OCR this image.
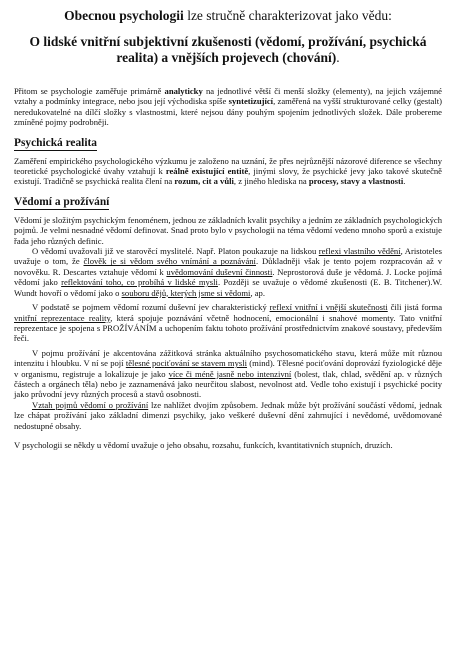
Obecnou psychologii lze stručně charakterizovat jako vědu:

O lidské vnitřní subjektivní zkušenosti (vědomí, prožívání, psychická realita) a vnějších projevech (chování).

Přitom se psychologie zaměřuje primárně analyticky na jednotlivé větší či menší složky (elementy), na jejich vzájemné vztahy a podmínky integrace, nebo jsou její východiska spíše syntetizující, zaměřená na vyšší strukturované celky (gestalt) neredukovatelné na dílčí složky s vlastnostmi, které nejsou dány pouhým spojením jednotlivých složek. Dále probereme zmíněné pojmy podrobněji.

Psychická realita

Zaměření empirického psychologického výzkumu je založeno na uznání, že přes nejrůznější názorové diference se všechny teoretické psychologické úvahy vztahují k reálně existující entitě, jinými slovy, že psychické jevy jako takové skutečně existují. Tradičně se psychická realita člení na rozum, cit a vůli, z jiného hlediska na procesy, stavy a vlastnosti.

Vědomí a prožívání

Vědomí je složitým psychickým fenoménem, jednou ze základních kvalit psychiky a jedním ze základních psychologických pojmů. Je velmi nesnadné vědomí definovat. Snad proto bylo v psychologii na téma vědomí vedeno mnoho sporů a existuje řada jeho různých definic.

O vědomí uvažovali již ve starověcí myslitelé. Např. Platon poukazuje na lidskou reflexi vlastního vědění, Aristoteles uvažuje o tom, že člověk je si vědom svého vnímání a poznávání. Důkladněji však je tento pojem rozpracován až v novověku. R. Descartes vztahuje vědomí k uvědomování duševní činnosti. Neprostorová duše je vědomá. J. Locke pojímá vědomí jako reflektování toho, co probíhá v lidské mysli. Později se uvažuje o vědomé zkušenosti (E. B. Titchener).W. Wundt hovoří o vědomí jako o souboru dějů, kterých jsme si vědomi, ap.

V podstatě se pojmem vědomí rozumí duševní jev charakteristický reflexí vnitřní i vnější skutečnosti čili jistá forma vnitřní reprezentace reality, která spojuje poznávání včetně hodnocení, emocionální i snahové momenty. Tato vnitřní reprezentace je spojena s PROŽÍVÁNÍM a uchopením faktu tohoto prožívání prostřednictvím znakové soustavy, především řeči.

V pojmu prožívání je akcentována zážitková stránka aktuálního psychosomatického stavu, která může mít různou intenzitu i hloubku. V ní se pojí tělesné pociťování se stavem mysli (mind). Tělesné pociťování doprovází fyziologické děje v organismu, registruje a lokalizuje je jako více či méně jasně nebo intenzivní (bolest, tlak, chlad, svědění ap. v různých částech a orgánech těla) nebo je zaznamenává jako neurčitou slabost, nevolnost atd. Vedle toho existují i psychické pocity jako průvodní jevy různých procesů a stavů osobnosti.

Vztah pojmů vědomí o prožívání lze nahlížet dvojím způsobem. Jednak může být prožívání součástí vědomí, jednak lze chápat prožívání jako základní dimenzi psychiky, jako veškeré duševní dění zahrnující i nevědomé, uvědomované nedostupné obsahy.

V psychologii se někdy u vědomí uvažuje o jeho obsahu, rozsahu, funkcích, kvantitativních stupních, druzích.
